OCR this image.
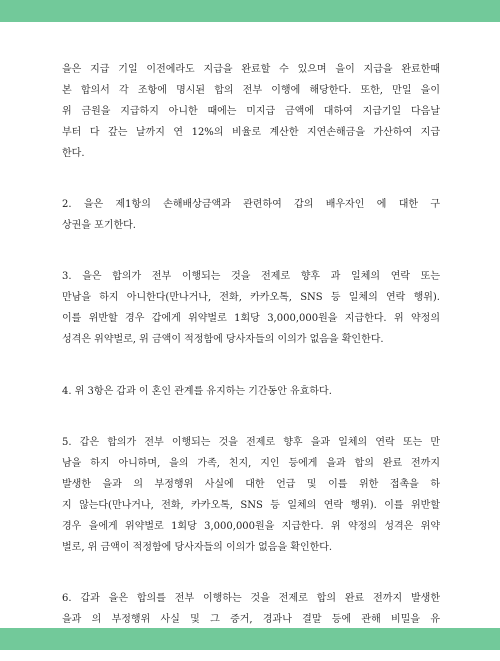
을은 지급 기일 이전에라도 지급을 완료할 수 있으며 을이 지급을 완료한때
본 합의서 각 조항에 명시된 합의 전부 이행에 해당한다. 또한, 만일 을이
위 금원을 지급하지 아니한 때에는 미지급 금액에 대하여 지급기일 다음날
부터 다 갚는 날까지 연 12%의 비율로 계산한 지연손해금을 가산하여 지급
한다.
2. 을은 제1항의 손해배상금액과 관련하여 갑의 배우자인 에 대한 구
상권을 포기한다.
3. 을은 합의가 전부 이행되는 것을 전제로 향후 과 일체의 연락 또는
만남을 하지 아니한다(만나거나, 전화, 카카오톡, SNS 등 일체의 연락 행위).
이를 위반할 경우 갑에게 위약벌로 1회당 3,000,000원을 지급한다. 위 약정의
성격은 위약벌로, 위 금액이 적정함에 당사자들의 이의가 없음을 확인한다.
4. 위 3항은 갑과 이 혼인 관계를 유지하는 기간동안 유효하다.
5. 갑은 합의가 전부 이행되는 것을 전제로 향후 을과 일체의 연락 또는 만
남을 하지 아니하며, 을의 가족, 친지, 지인 등에게 을과 합의 완료 전까지
발생한 을과 의 부정행위 사실에 대한 언급 및 이를 위한 접촉을 하
지 않는다(만나거나, 전화, 카카오톡, SNS 등 일체의 연락 행위). 이를 위반할
경우 을에게 위약벌로 1회당 3,000,000원을 지급한다. 위 약정의 성격은 위약
벌로, 위 금액이 적정함에 당사자들의 이의가 없음을 확인한다.
6. 갑과 을은 합의를 전부 이행하는 것을 전제로 합의 완료 전까지 발생한
을과 의 부정행위 사실 및 그 증거, 경과나 결말 등에 관해 비밀을 유
